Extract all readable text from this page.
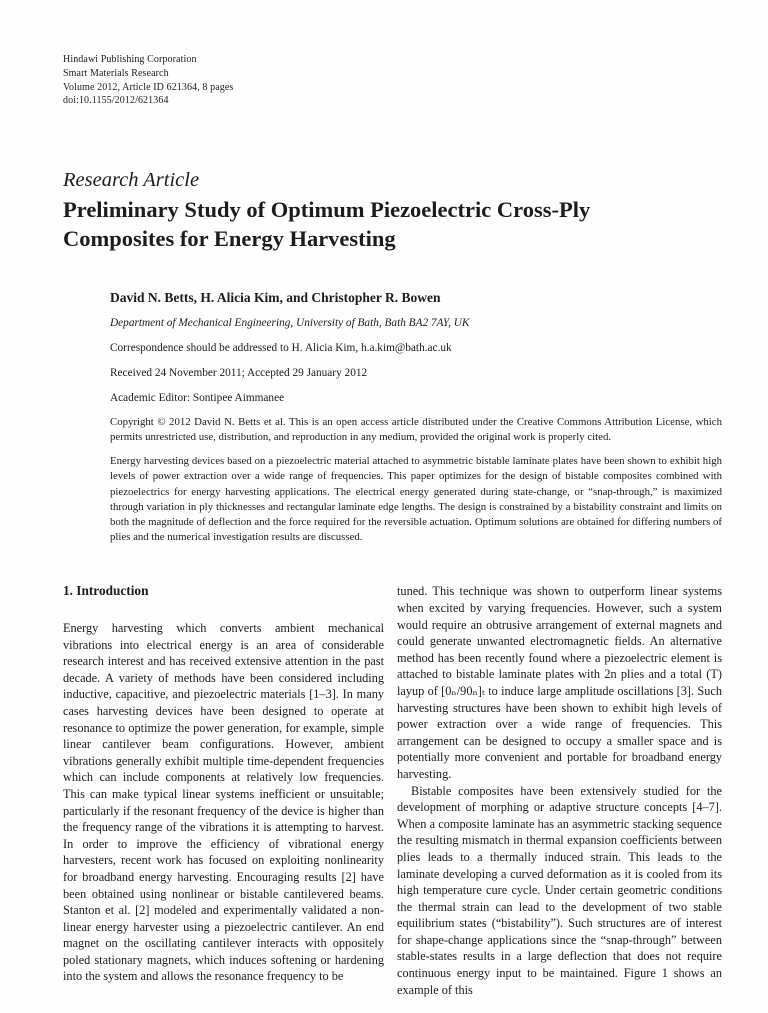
Hindawi Publishing Corporation
Smart Materials Research
Volume 2012, Article ID 621364, 8 pages
doi:10.1155/2012/621364
Research Article
Preliminary Study of Optimum Piezoelectric Cross-Ply Composites for Energy Harvesting
David N. Betts, H. Alicia Kim, and Christopher R. Bowen
Department of Mechanical Engineering, University of Bath, Bath BA2 7AY, UK
Correspondence should be addressed to H. Alicia Kim, h.a.kim@bath.ac.uk
Received 24 November 2011; Accepted 29 January 2012
Academic Editor: Sontipee Aimmanee
Copyright © 2012 David N. Betts et al. This is an open access article distributed under the Creative Commons Attribution License, which permits unrestricted use, distribution, and reproduction in any medium, provided the original work is properly cited.
Energy harvesting devices based on a piezoelectric material attached to asymmetric bistable laminate plates have been shown to exhibit high levels of power extraction over a wide range of frequencies. This paper optimizes for the design of bistable composites combined with piezoelectrics for energy harvesting applications. The electrical energy generated during state-change, or “snap-through,” is maximized through variation in ply thicknesses and rectangular laminate edge lengths. The design is constrained by a bistability constraint and limits on both the magnitude of deflection and the force required for the reversible actuation. Optimum solutions are obtained for differing numbers of plies and the numerical investigation results are discussed.
1. Introduction

Energy harvesting which converts ambient mechanical vibrations into electrical energy is an area of considerable research interest and has received extensive attention in the past decade. A variety of methods have been considered including inductive, capacitive, and piezoelectric materials [1–3]. In many cases harvesting devices have been designed to operate at resonance to optimize the power generation, for example, simple linear cantilever beam configurations. However, ambient vibrations generally exhibit multiple time-dependent frequencies which can include components at relatively low frequencies. This can make typical linear systems inefficient or unsuitable; particularly if the resonant frequency of the device is higher than the frequency range of the vibrations it is attempting to harvest. In order to improve the efficiency of vibrational energy harvesters, recent work has focused on exploiting nonlinearity for broadband energy harvesting. Encouraging results [2] have been obtained using nonlinear or bistable cantilevered beams. Stanton et al. [2] modeled and experimentally validated a non-linear energy harvester using a piezoelectric cantilever. An end magnet on the oscillating cantilever interacts with oppositely poled stationary magnets, which induces softening or hardening into the system and allows the resonance frequency to be

tuned. This technique was shown to outperform linear systems when excited by varying frequencies. However, such a system would require an obtrusive arrangement of external magnets and could generate unwanted electromagnetic fields. An alternative method has been recently found where a piezoelectric element is attached to bistable laminate plates with 2n plies and a total (T) layup of [0ₙ/90ₙ]ₜ to induce large amplitude oscillations [3]. Such harvesting structures have been shown to exhibit high levels of power extraction over a wide range of frequencies. This arrangement can be designed to occupy a smaller space and is potentially more convenient and portable for broadband energy harvesting.

Bistable composites have been extensively studied for the development of morphing or adaptive structure concepts [4–7]. When a composite laminate has an asymmetric stacking sequence the resulting mismatch in thermal expansion coefficients between plies leads to a thermally induced strain. This leads to the laminate developing a curved deformation as it is cooled from its high temperature cure cycle. Under certain geometric conditions the thermal strain can lead to the development of two stable equilibrium states (“bistability”). Such structures are of interest for shape-change applications since the “snap-through” between stable-states results in a large deflection that does not require continuous energy input to be maintained. Figure 1 shows an example of this
